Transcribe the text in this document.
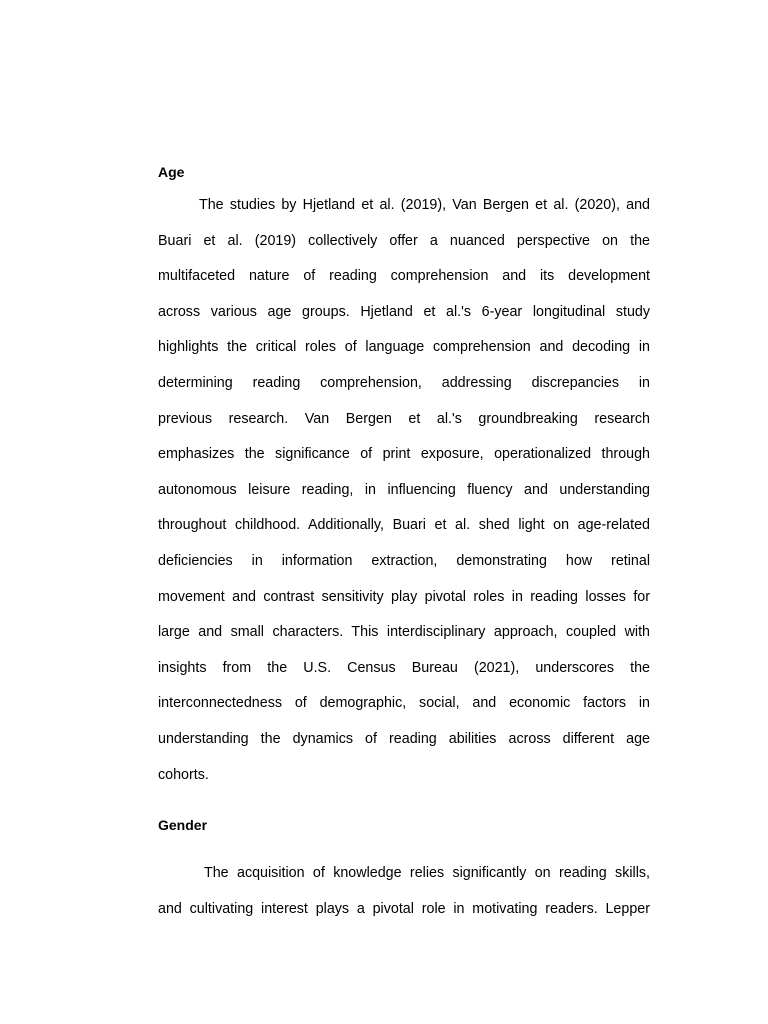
Age
The studies by Hjetland et al. (2019), Van Bergen et al. (2020), and
Buari et al. (2019) collectively offer a nuanced perspective on the
multifaceted nature of reading comprehension and its development
across various age groups. Hjetland et al.'s 6-year longitudinal study
highlights the critical roles of language comprehension and decoding in
determining reading comprehension, addressing discrepancies in
previous research. Van Bergen et al.'s groundbreaking research
emphasizes the significance of print exposure, operationalized through
autonomous leisure reading, in influencing fluency and understanding
throughout childhood. Additionally, Buari et al. shed light on age-related
deficiencies in information extraction, demonstrating how retinal
movement and contrast sensitivity play pivotal roles in reading losses for
large and small characters. This interdisciplinary approach, coupled with
insights from the U.S. Census Bureau (2021), underscores the
interconnectedness of demographic, social, and economic factors in
understanding the dynamics of reading abilities across different age
cohorts.
Gender
The acquisition of knowledge relies significantly on reading skills,
and cultivating interest plays a pivotal role in motivating readers. Lepper
